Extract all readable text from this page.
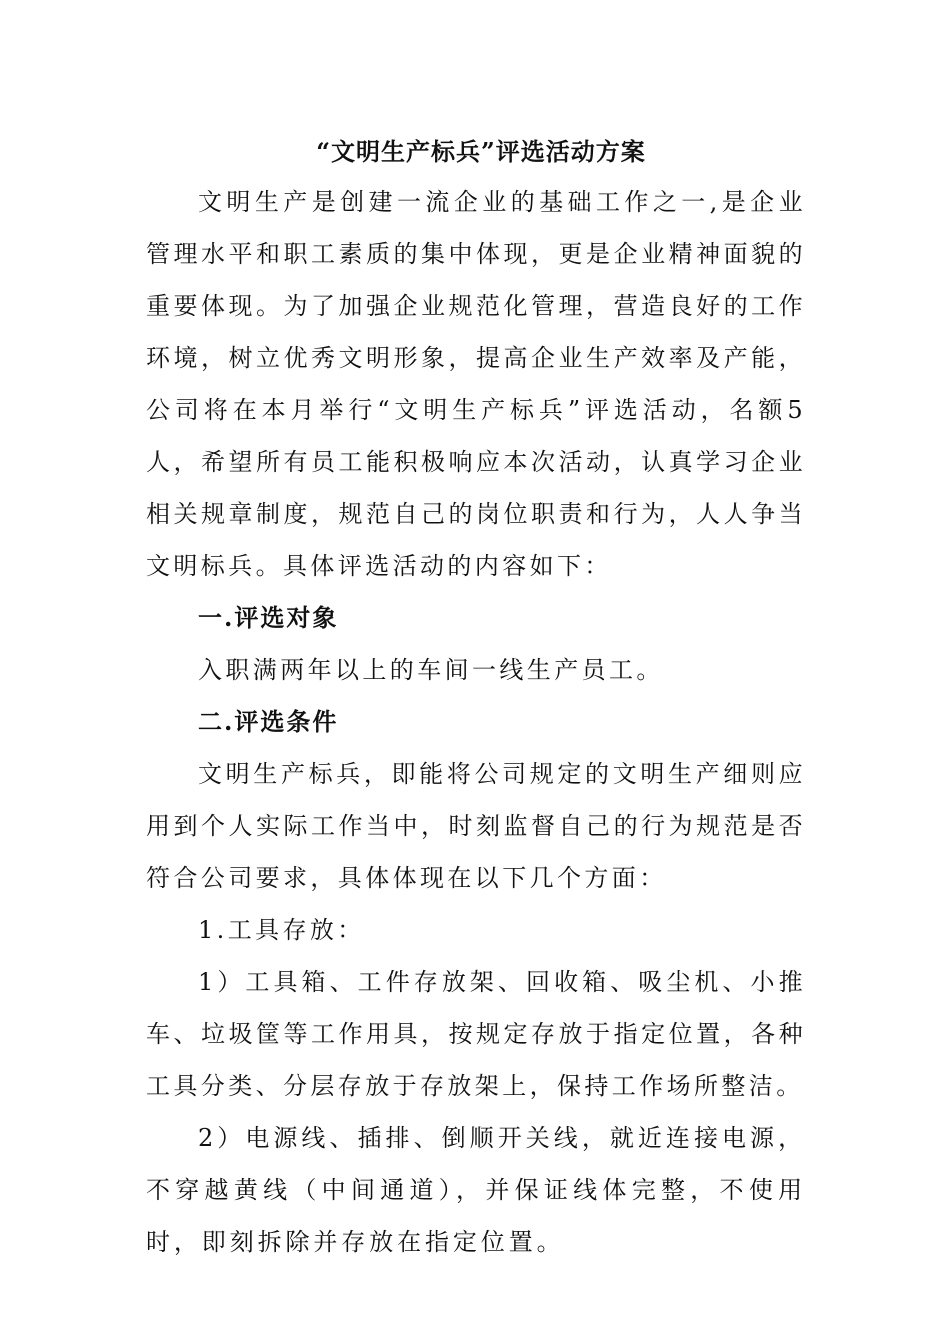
“文明生产标兵”评选活动方案

文明生产是创建一流企业的基础工作之一,是企业管理水平和职工素质的集中体现，更是企业精神面貌的重要体现。为了加强企业规范化管理，营造良好的工作环境，树立优秀文明形象，提高企业生产效率及产能，公司将在本月举行“文明生产标兵”评选活动，名额5人，希望所有员工能积极响应本次活动，认真学习企业相关规章制度，规范自己的岗位职责和行为，人人争当文明标兵。具体评选活动的内容如下：

一.评选对象

入职满两年以上的车间一线生产员工。

二.评选条件

文明生产标兵，即能将公司规定的文明生产细则应用到个人实际工作当中，时刻监督自己的行为规范是否符合公司要求，具体体现在以下几个方面：

1.工具存放：

1）工具箱、工件存放架、回收箱、吸尘机、小推车、垃圾筐等工作用具，按规定存放于指定位置，各种工具分类、分层存放于存放架上，保持工作场所整洁。

2）电源线、插排、倒顺开关线，就近连接电源，不穿越黄线（中间通道），并保证线体完整，不使用时，即刻拆除并存放在指定位置。
